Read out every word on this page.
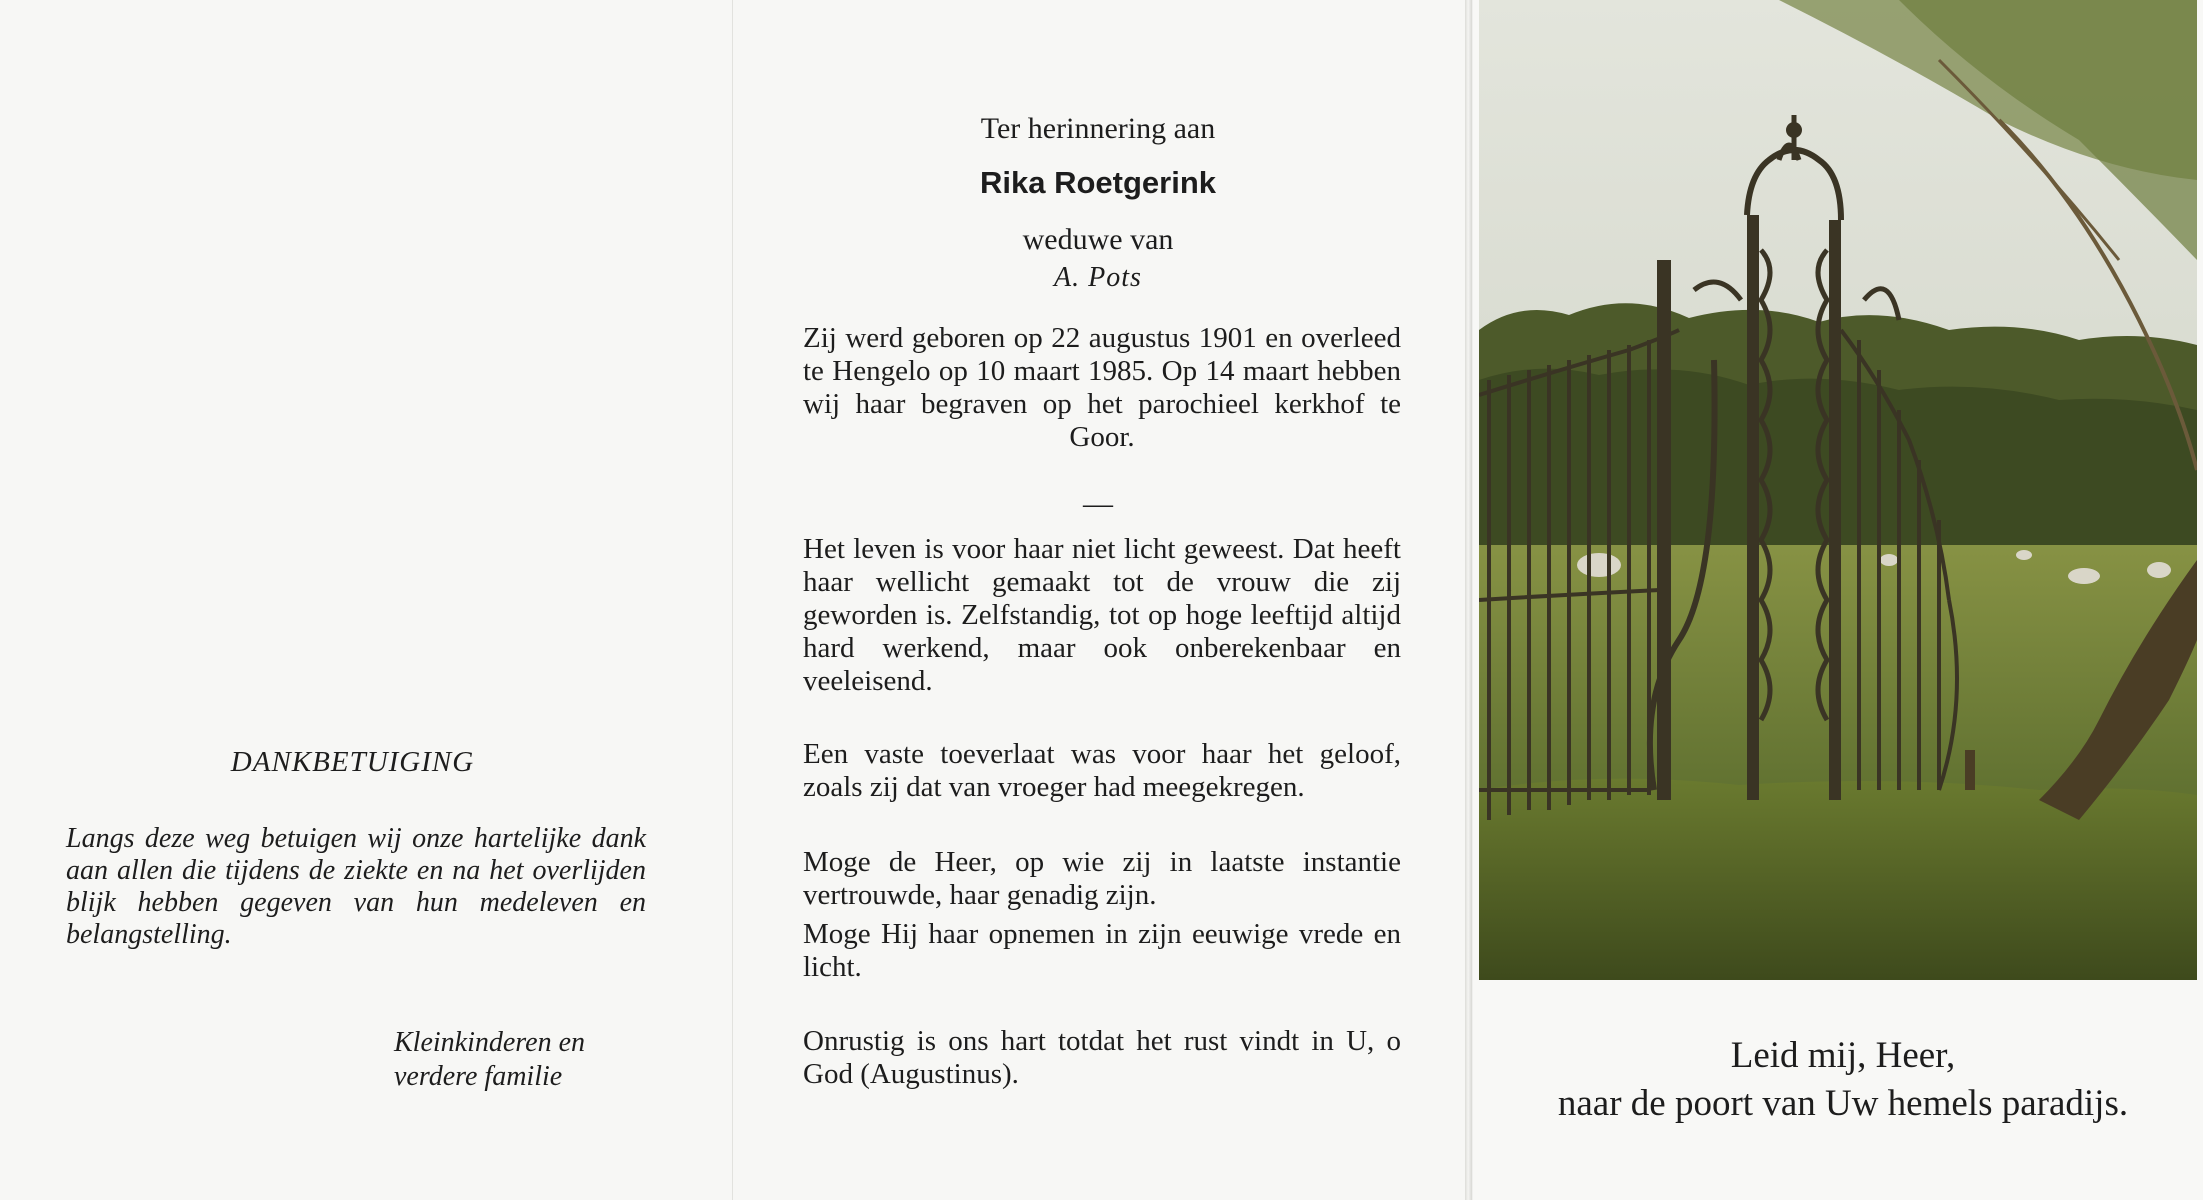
DANKBETUIGING

Langs deze weg betuigen wij onze hartelijke dank aan allen die tijdens de ziekte en na het overlijden blijk hebben gegeven van hun medeleven en belangstelling.

Kleinkinderen en
verdere familie

Ter herinnering aan

Rika Roetgerink

weduwe van

A. Pots

Zij werd geboren op 22 augustus 1901 en overleed te Hengelo op 10 maart 1985. Op 14 maart hebben wij haar begraven op het parochieel kerkhof te Goor.

—

Het leven is voor haar niet licht geweest. Dat heeft haar wellicht gemaakt tot de vrouw die zij geworden is. Zelfstandig, tot op hoge leeftijd altijd hard werkend, maar ook onberekenbaar en veeleisend.

Een vaste toeverlaat was voor haar het geloof, zoals zij dat van vroeger had meegekregen.

Moge de Heer, op wie zij in laatste instantie vertrouwde, haar genadig zijn.

Moge Hij haar opnemen in zijn eeuwige vrede en licht.

Onrustig is ons hart totdat het rust vindt in U, o God (Augustinus).	Leid mij, Heer,

naar de poort van Uw hemels paradijs.
